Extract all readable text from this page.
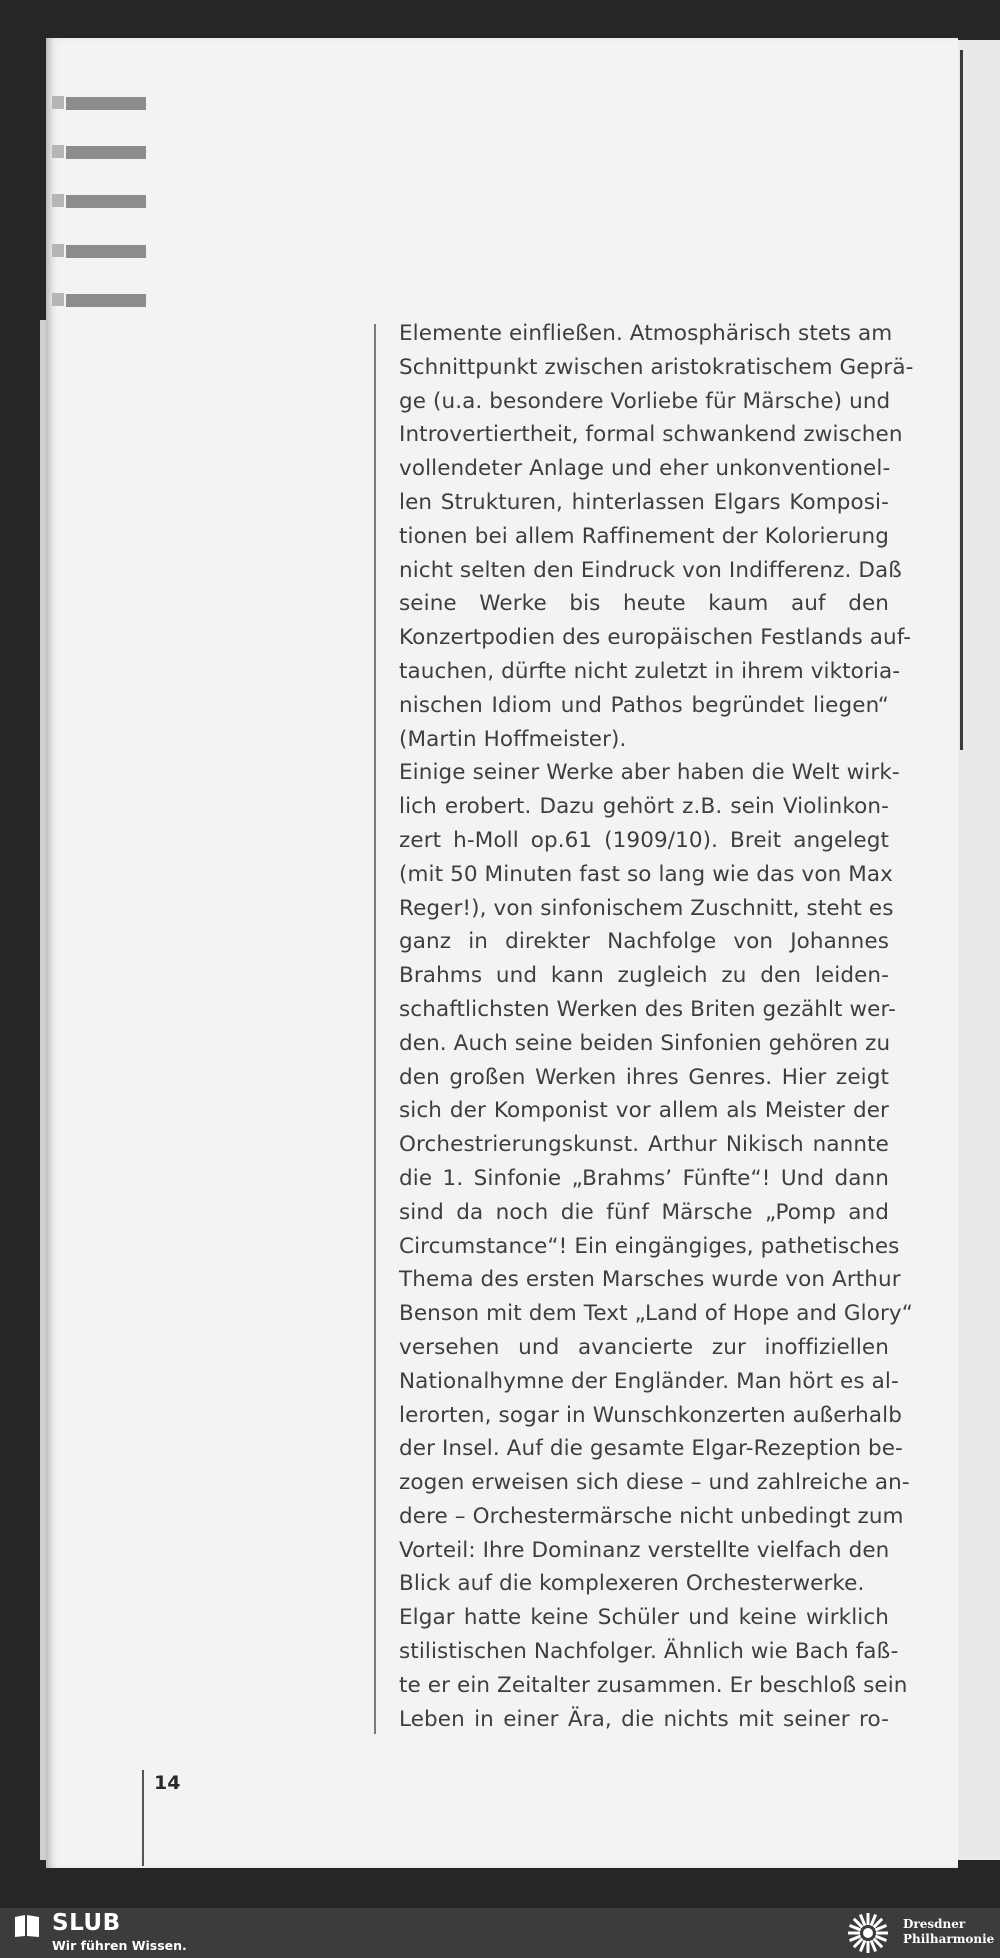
Elemente einfließen. Atmosphärisch stets am
Schnittpunkt zwischen aristokratischem Geprä-
ge (u.a. besondere Vorliebe für Märsche) und
Introvertiertheit, formal schwankend zwischen
vollendeter Anlage und eher unkonventionel-
len Strukturen, hinterlassen Elgars Komposi-
tionen bei allem Raffinement der Kolorierung
nicht selten den Eindruck von Indifferenz. Daß
seine Werke bis heute kaum auf den
Konzertpodien des europäischen Festlands auf-
tauchen, dürfte nicht zuletzt in ihrem viktoria-
nischen Idiom und Pathos begründet liegen“
(Martin Hoffmeister).
Einige seiner Werke aber haben die Welt wirk-
lich erobert. Dazu gehört z.B. sein Violinkon-
zert h-Moll op.61 (1909/10). Breit angelegt
(mit 50 Minuten fast so lang wie das von Max
Reger!), von sinfonischem Zuschnitt, steht es
ganz in direkter Nachfolge von Johannes
Brahms und kann zugleich zu den leiden-
schaftlichsten Werken des Briten gezählt wer-
den. Auch seine beiden Sinfonien gehören zu
den großen Werken ihres Genres. Hier zeigt
sich der Komponist vor allem als Meister der
Orchestrierungskunst. Arthur Nikisch nannte
die 1. Sinfonie „Brahms’ Fünfte“! Und dann
sind da noch die fünf Märsche „Pomp and
Circumstance“! Ein eingängiges, pathetisches
Thema des ersten Marsches wurde von Arthur
Benson mit dem Text „Land of Hope and Glory“
versehen und avancierte zur inoffiziellen
Nationalhymne der Engländer. Man hört es al-
lerorten, sogar in Wunschkonzerten außerhalb
der Insel. Auf die gesamte Elgar-Rezeption be-
zogen erweisen sich diese – und zahlreiche an-
dere – Orchestermärsche nicht unbedingt zum
Vorteil: Ihre Dominanz verstellte vielfach den
Blick auf die komplexeren Orchesterwerke.
Elgar hatte keine Schüler und keine wirklich
stilistischen Nachfolger. Ähnlich wie Bach faß-
te er ein Zeitalter zusammen. Er beschloß sein
Leben in einer Ära, die nichts mit seiner ro-
14
SLUB
Wir führen Wissen.
Dresdner
Philharmonie
